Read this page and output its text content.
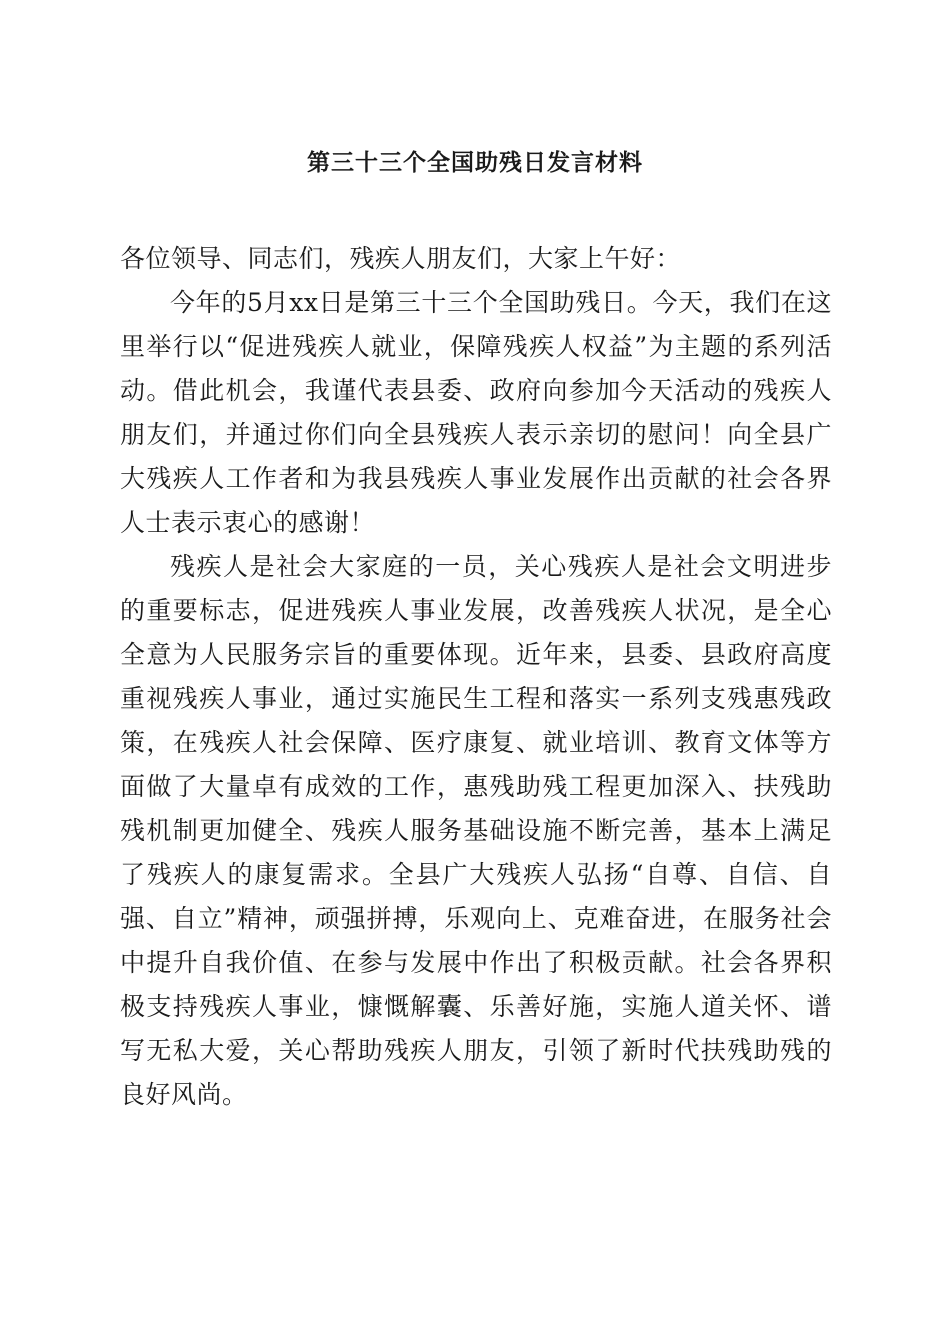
第三十三个全国助残日发言材料

各位领导、同志们，残疾人朋友们，大家上午好：

今年的5月xx日是第三十三个全国助残日。今天，我们在这里举行以“促进残疾人就业，保障残疾人权益”为主题的系列活动。借此机会，我谨代表县委、政府向参加今天活动的残疾人朋友们，并通过你们向全县残疾人表示亲切的慰问！向全县广大残疾人工作者和为我县残疾人事业发展作出贡献的社会各界人士表示衷心的感谢！

残疾人是社会大家庭的一员，关心残疾人是社会文明进步的重要标志，促进残疾人事业发展，改善残疾人状况，是全心全意为人民服务宗旨的重要体现。近年来，县委、县政府高度重视残疾人事业，通过实施民生工程和落实一系列支残惠残政策，在残疾人社会保障、医疗康复、就业培训、教育文体等方面做了大量卓有成效的工作，惠残助残工程更加深入、扶残助残机制更加健全、残疾人服务基础设施不断完善，基本上满足了残疾人的康复需求。全县广大残疾人弘扬“自尊、自信、自强、自立”精神，顽强拼搏，乐观向上、克难奋进，在服务社会中提升自我价值、在参与发展中作出了积极贡献。社会各界积极支持残疾人事业，慷慨解囊、乐善好施，实施人道关怀、谱写无私大爱，关心帮助残疾人朋友，引领了新时代扶残助残的良好风尚。
